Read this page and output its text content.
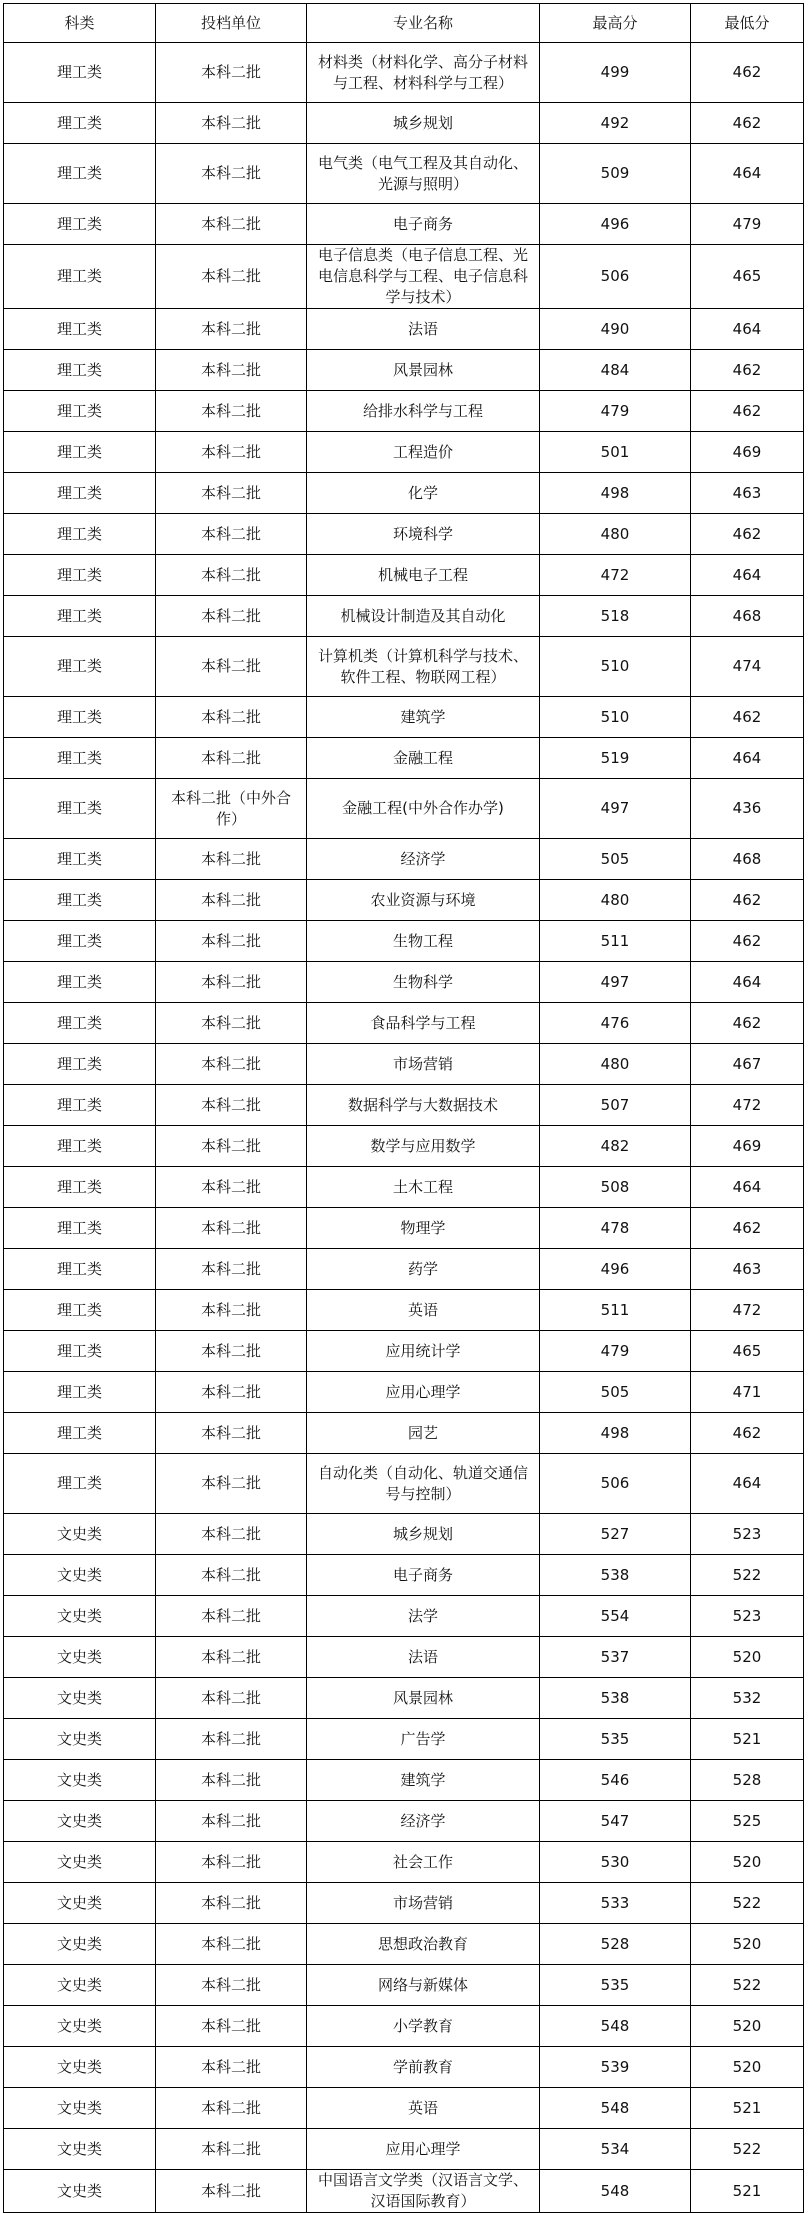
科类	投档单位	专业名称	最高分	最低分
理工类	本科二批	材料类（材料化学、高分子材料与工程、材料科学与工程）	499	462
理工类	本科二批	城乡规划	492	462
理工类	本科二批	电气类（电气工程及其自动化、光源与照明）	509	464
理工类	本科二批	电子商务	496	479
理工类	本科二批	电子信息类（电子信息工程、光电信息科学与工程、电子信息科学与技术）	506	465
理工类	本科二批	法语	490	464
理工类	本科二批	风景园林	484	462
理工类	本科二批	给排水科学与工程	479	462
理工类	本科二批	工程造价	501	469
理工类	本科二批	化学	498	463
理工类	本科二批	环境科学	480	462
理工类	本科二批	机械电子工程	472	464
理工类	本科二批	机械设计制造及其自动化	518	468
理工类	本科二批	计算机类（计算机科学与技术、软件工程、物联网工程）	510	474
理工类	本科二批	建筑学	510	462
理工类	本科二批	金融工程	519	464
理工类	本科二批（中外合作）	金融工程(中外合作办学)	497	436
理工类	本科二批	经济学	505	468
理工类	本科二批	农业资源与环境	480	462
理工类	本科二批	生物工程	511	462
理工类	本科二批	生物科学	497	464
理工类	本科二批	食品科学与工程	476	462
理工类	本科二批	市场营销	480	467
理工类	本科二批	数据科学与大数据技术	507	472
理工类	本科二批	数学与应用数学	482	469
理工类	本科二批	土木工程	508	464
理工类	本科二批	物理学	478	462
理工类	本科二批	药学	496	463
理工类	本科二批	英语	511	472
理工类	本科二批	应用统计学	479	465
理工类	本科二批	应用心理学	505	471
理工类	本科二批	园艺	498	462
理工类	本科二批	自动化类（自动化、轨道交通信号与控制）	506	464
文史类	本科二批	城乡规划	527	523
文史类	本科二批	电子商务	538	522
文史类	本科二批	法学	554	523
文史类	本科二批	法语	537	520
文史类	本科二批	风景园林	538	532
文史类	本科二批	广告学	535	521
文史类	本科二批	建筑学	546	528
文史类	本科二批	经济学	547	525
文史类	本科二批	社会工作	530	520
文史类	本科二批	市场营销	533	522
文史类	本科二批	思想政治教育	528	520
文史类	本科二批	网络与新媒体	535	522
文史类	本科二批	小学教育	548	520
文史类	本科二批	学前教育	539	520
文史类	本科二批	英语	548	521
文史类	本科二批	应用心理学	534	522
文史类	本科二批	中国语言文学类（汉语言文学、汉语国际教育）	548	521
